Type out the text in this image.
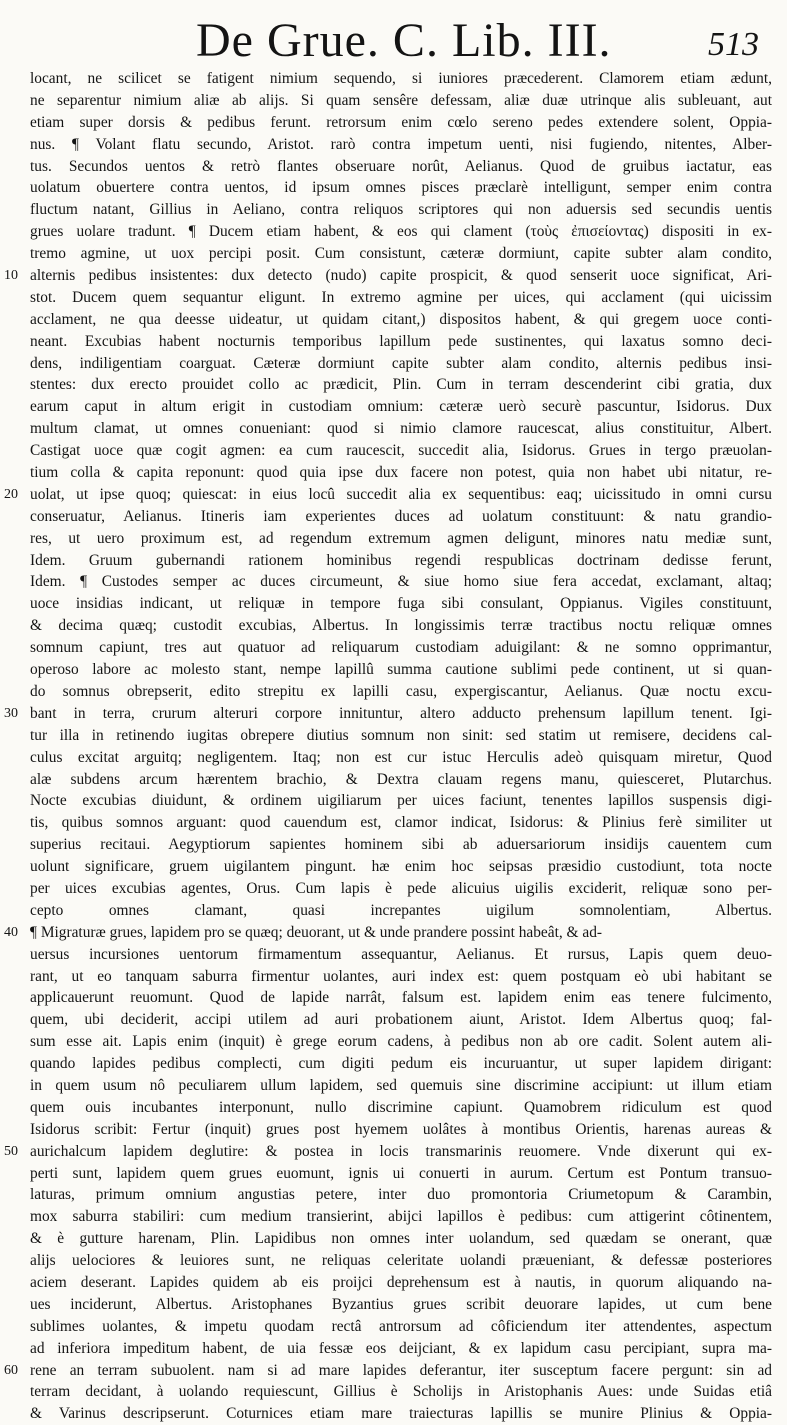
De Grue. C. Lib. III.	513
locant, ne scilicet se fatigent nimium sequendo, si iuniores præcederent. Clamorem etiam ædunt,
ne separentur nimium aliæ ab alijs. Si quam sensêre defessam, aliæ duæ utrinque alis subleuant, aut
etiam super dorsis & pedibus ferunt. retrorsum enim cœlo sereno pedes extendere solent, Oppia-
nus. ¶ Volant flatu secundo, Aristot. rarò contra impetum uenti, nisi fugiendo, nitentes, Alber-
tus. Secundos uentos & retrò flantes obseruare norût, Aelianus. Quod de gruibus iactatur, eas
uolatum obuertere contra uentos, id ipsum omnes pisces præclarè intelligunt, semper enim contra
fluctum natant, Gillius in Aeliano, contra reliquos scriptores qui non aduersis sed secundis uentis
grues uolare tradunt. ¶ Ducem etiam habent, & eos qui clament (τοὺς ἐπισείοντας) dispositi in ex-
tremo agmine, ut uox percipi posit. Cum consistunt, cæteræ dormiunt, capite subter alam condito,
10 alternis pedibus insistentes: dux detecto (nudo) capite prospicit, & quod senserit uoce significat, Ari-
stot. Ducem quem sequantur eligunt. In extremo agmine per uices, qui acclament (qui uicissim
acclament, ne qua deesse uideatur, ut quidam citant,) dispositos habent, & qui gregem uoce conti-
neant. Excubias habent nocturnis temporibus lapillum pede sustinentes, qui laxatus somno deci-
dens, indiligentiam coarguat. Cæteræ dormiunt capite subter alam condito, alternis pedibus insi-
stentes: dux erecto prouidet collo ac prædicit, Plin. Cum in terram descenderint cibi gratia, dux
earum caput in altum erigit in custodiam omnium: cæteræ uerò securè pascuntur, Isidorus. Dux
multum clamat, ut omnes conueniant: quod si nimio clamore raucescat, alius constituitur, Albert.
Castigat uoce quæ cogit agmen: ea cum raucescit, succedit alia, Isidorus. Grues in tergo præuolan-
tium colla & capita reponunt: quod quia ipse dux facere non potest, quia non habet ubi nitatur, re-
20 uolat, ut ipse quoq; quiescat: in eius locû succedit alia ex sequentibus: eaq; uicissitudo in omni cursu
conseruatur, Aelianus. Itineris iam experientes duces ad uolatum constituunt: & natu grandio-
res, ut uero proximum est, ad regendum extremum agmen deligunt, minores natu mediæ sunt,
Idem. Gruum gubernandi rationem hominibus regendi respublicas doctrinam dedisse ferunt,
Idem. ¶ Custodes semper ac duces circumeunt, & siue homo siue fera accedat, exclamant, altaq;
uoce insidias indicant, ut reliquæ in tempore fuga sibi consulant, Oppianus. Vigiles constituunt,
& decima quæq; custodit excubias, Albertus. In longissimis terræ tractibus noctu reliquæ omnes
somnum capiunt, tres aut quatuor ad reliquarum custodiam aduigilant: & ne somno opprimantur,
operoso labore ac molesto stant, nempe lapillû summa cautione sublimi pede continent, ut si quan-
do somnus obrepserit, edito strepitu ex lapilli casu, expergiscantur, Aelianus. Quæ noctu excu-
30 bant in terra, crurum alteruri corpore innituntur, altero adducto prehensum lapillum tenent. Igi-
tur illa in retinendo iugitas obrepere diutius somnum non sinit: sed statim ut remisere, decidens cal-
culus excitat arguitq; negligentem. Itaq; non est cur istuc Herculis adeò quisquam miretur, Quod
alæ subdens arcum hærentem brachio, & Dextra clauam regens manu, quiesceret, Plutarchus.
Nocte excubias diuidunt, & ordinem uigiliarum per uices faciunt, tenentes lapillos suspensis digi-
tis, quibus somnos arguant: quod cauendum est, clamor indicat, Isidorus: & Plinius ferè similiter ut
superius recitaui. Aegyptiorum sapientes hominem sibi ab aduersariorum insidijs cauentem cum
uolunt significare, gruem uigilantem pingunt. hæ enim hoc seipsas præsidio custodiunt, tota nocte
per uices excubias agentes, Orus. Cum lapis è pede alicuius uigilis exciderit, reliquæ sono per-
cepto omnes clamant, quasi increpantes uigilum somnolentiam, Albertus.
40 ¶ Migraturæ grues, lapidem pro se quæq; deuorant, ut & unde prandere possint habeât, & ad-
uersus incursiones uentorum firmamentum assequantur, Aelianus. Et rursus, Lapis quem deuo-
rant, ut eo tanquam saburra firmentur uolantes, auri index est: quem postquam eò ubi habitant se
applicauerunt reuomunt. Quod de lapide narrât, falsum est. lapidem enim eas tenere fulcimento,
quem, ubi deciderit, accipi utilem ad auri probationem aiunt, Aristot. Idem Albertus quoq; fal-
sum esse ait. Lapis enim (inquit) è grege eorum cadens, à pedibus non ab ore cadit. Solent autem ali-
quando lapides pedibus complecti, cum digiti pedum eis incuruantur, ut super lapidem dirigant:
in quem usum nô peculiarem ullum lapidem, sed quemuis sine discrimine accipiunt: ut illum etiam
quem ouis incubantes interponunt, nullo discrimine capiunt. Quamobrem ridiculum est quod
Isidorus scribit: Fertur (inquit) grues post hyemem uolâtes à montibus Orientis, harenas aureas &
50 aurichalcum lapidem deglutire: & postea in locis transmarinis reuomere. Vnde dixerunt qui ex-
perti sunt, lapidem quem grues euomunt, ignis ui conuerti in aurum. Certum est Pontum transuo-
laturas, primum omnium angustias petere, inter duo promontoria Criumetopum & Carambin,
mox saburra stabiliri: cum medium transierint, abijci lapillos è pedibus: cum attigerint côtinentem,
& è gutture harenam, Plin. Lapidibus non omnes inter uolandum, sed quædam se onerant, quæ
alijs uelociores & leuiores sunt, ne reliquas celeritate uolandi præueniant, & defessæ posteriores
aciem deserant. Lapides quidem ab eis proijci deprehensum est à nautis, in quorum aliquando na-
ues inciderunt, Albertus. Aristophanes Byzantius grues scribit deuorare lapides, ut cum bene
sublimes uolantes, & impetu quodam rectâ antrorsum ad côficiendum iter attendentes, aspectum
ad inferiora impeditum habent, de uia fessæ eos deijciant, & ex lapidum casu percipiant, supra ma-
60 rene an terram subuolent. nam si ad mare lapides deferantur, iter susceptum facere pergunt: sin ad
terram decidant, à uolando requiescunt, Gillius è Scholijs in Aristophanis Aues: unde Suidas etiâ
& Varinus descripserunt. Coturnices etiam mare traiecturas lapillis se munire Plinius & Oppia-
